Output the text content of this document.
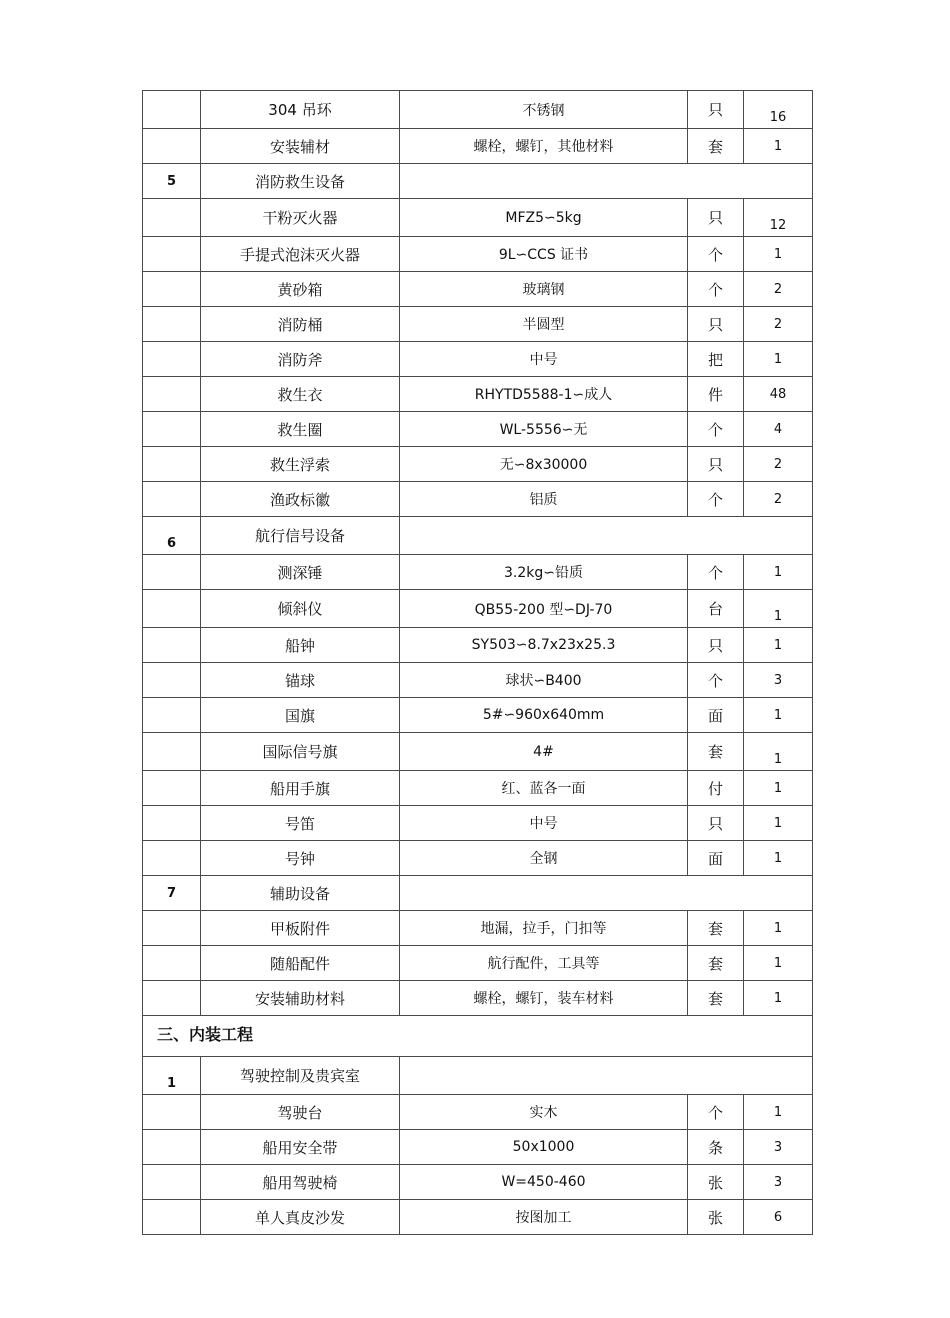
	304 吊环	不锈钢	只	16
	安装辅材	螺栓，螺钉，其他材料	套	1
5	消防救生设备			
	干粉灭火器	MFZ5∽5kg	只	12
	手提式泡沫灭火器	9L∽CCS 证书	个	1
	黄砂箱	玻璃钢	个	2
	消防桶	半圆型	只	2
	消防斧	中号	把	1
	救生衣	RHYTD5588-1∽成人	件	48
	救生圈	WL-5556∽无	个	4
	救生浮索	无∽8x30000	只	2
	渔政标徽	铝质	个	2
6	航行信号设备			
	测深锤	3.2kg∽铅质	个	1
	倾斜仪	QB55-200 型∽DJ-70	台	1
	船钟	SY503∽8.7x23x25.3	只	1
	锚球	球状∽B400	个	3
	国旗	5#∽960x640mm	面	1
	国际信号旗	4#	套	1
	船用手旗	红、蓝各一面	付	1
	号笛	中号	只	1
	号钟	全钢	面	1
7	辅助设备			
	甲板附件	地漏，拉手，门扣等	套	1
	随船配件	航行配件，工具等	套	1
	安装辅助材料	螺栓，螺钉，装车材料	套	1
三、内装工程				
1	驾驶控制及贵宾室			
	驾驶台	实木	个	1
	船用安全带	50x1000	条	3
	船用驾驶椅	W=450-460	张	3
	单人真皮沙发	按图加工	张	6
